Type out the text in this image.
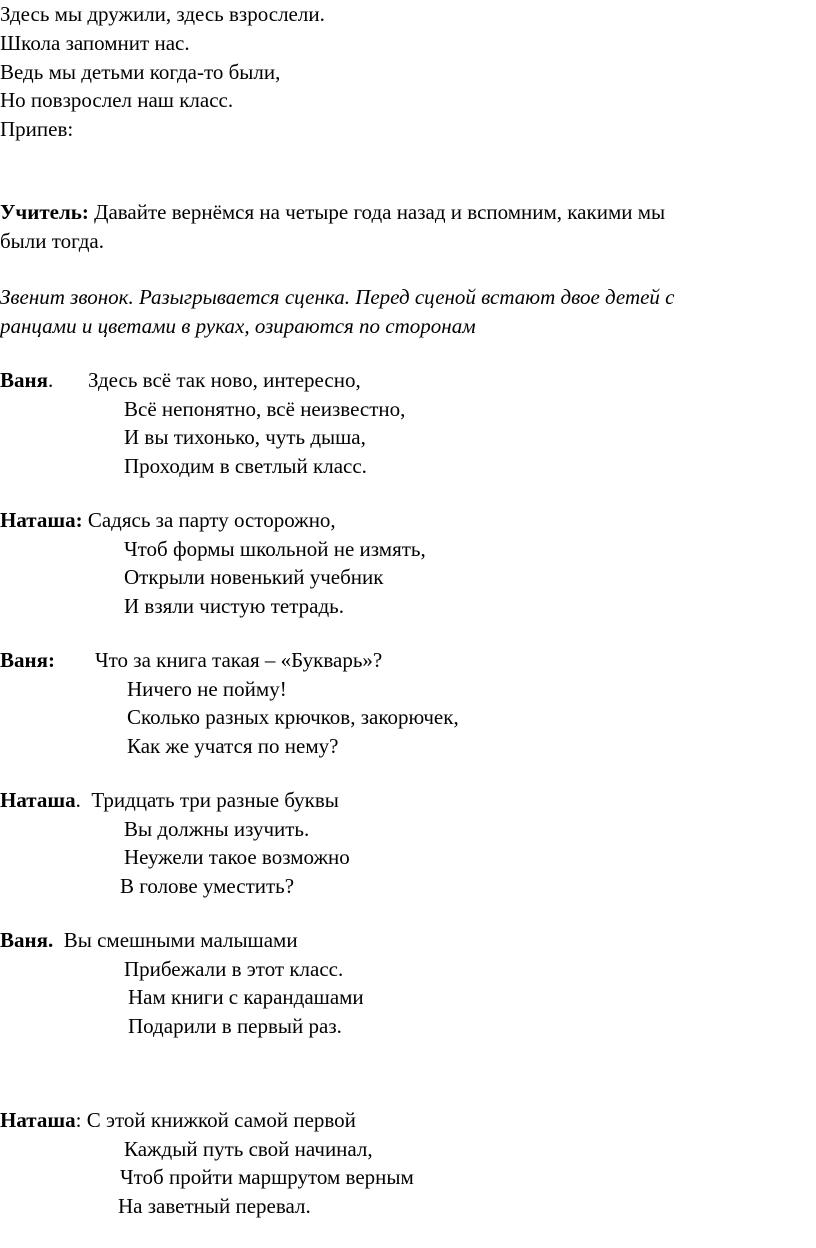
Здесь мы дружили, здесь взрослели.
Школа запомнит нас.
Ведь мы детьми когда-то были,
Но повзрослел наш класс.
Припев:
Учитель: Давайте вернёмся на четыре года назад и вспомним, какими мы
были тогда.
Звенит звонок. Разыгрывается сценка. Перед сценой встают двое детей с
ранцами и цветами в руках, озираются по сторонам
Ваня. Здесь всё так ново, интересно,
Всё непонятно, всё неизвестно,
И вы тихонько, чуть дыша,
Проходим в светлый класс.
Наташа: Садясь за парту осторожно,
Чтоб формы школьной не измять,
Открыли новенький учебник
И взяли чистую тетрадь.
Ваня: Что за книга такая – «Букварь»?
Ничего не пойму!
Сколько разных крючков, закорючек,
Как же учатся по нему?
Наташа.  Тридцать три разные буквы
Вы должны изучить.
Неужели такое возможно
В голове уместить?
Ваня. Вы смешными малышами
Прибежали в этот класс.
Нам книги с карандашами
Подарили в первый раз.
Наташа: С этой книжкой самой первой
Каждый путь свой начинал,
Чтоб пройти маршрутом верным
На заветный перевал.
